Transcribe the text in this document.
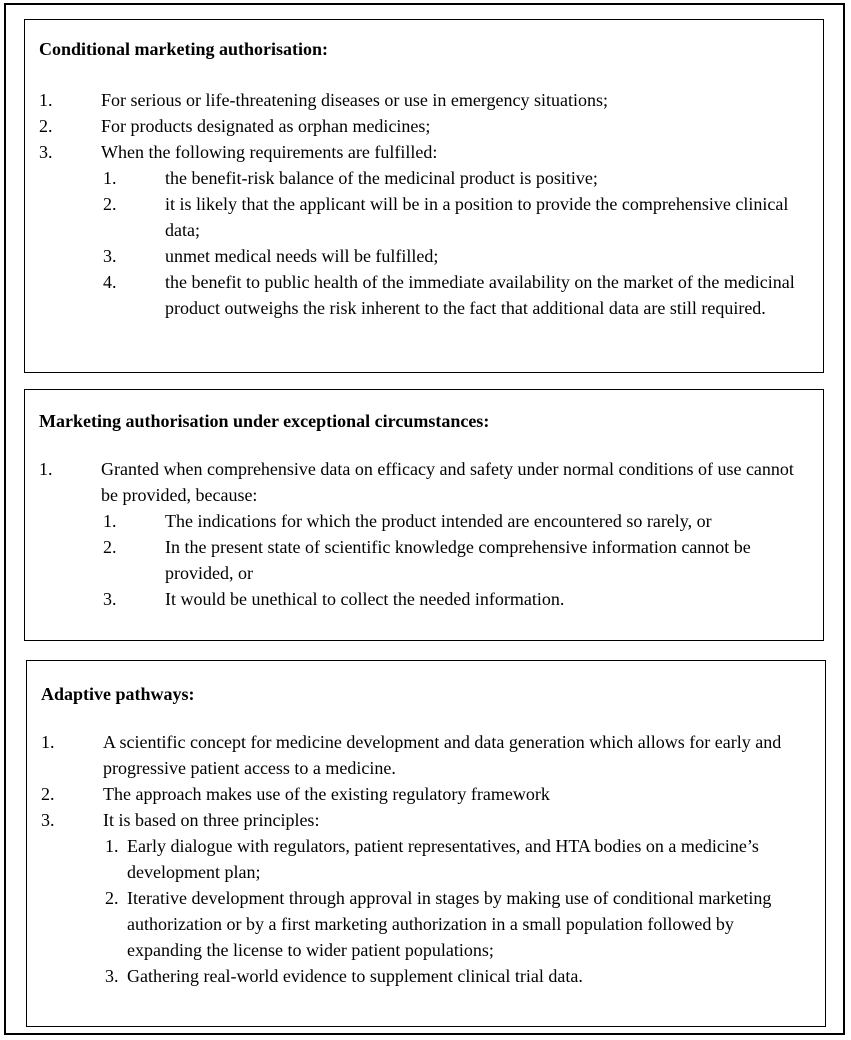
Conditional marketing authorisation:
1.	For serious or life-threatening diseases or use in emergency situations;
2.	For products designated as orphan medicines;
3.	When the following requirements are fulfilled:
1.	the benefit-risk balance of the medicinal product is positive;
2.	it is likely that the applicant will be in a position to provide the comprehensive clinical data;
3.	unmet medical needs will be fulfilled;
4.	the benefit to public health of the immediate availability on the market of the medicinal product outweighs the risk inherent to the fact that additional data are still required.
Marketing authorisation under exceptional circumstances:
1.	Granted when comprehensive data on efficacy and safety under normal conditions of use cannot be provided, because:
1.	The indications for which the product intended are encountered so rarely, or
2.	In the present state of scientific knowledge comprehensive information cannot be provided, or
3.	It would be unethical to collect the needed information.
Adaptive pathways:
1.	A scientific concept for medicine development and data generation which allows for early and progressive patient access to a medicine.
2.	The approach makes use of the existing regulatory framework
3.	It is based on three principles:
1. Early dialogue with regulators, patient representatives, and HTA bodies on a medicine’s development plan;
2. Iterative development through approval in stages by making use of conditional marketing authorization or by a first marketing authorization in a small population followed by expanding the license to wider patient populations;
3. Gathering real-world evidence to supplement clinical trial data.
